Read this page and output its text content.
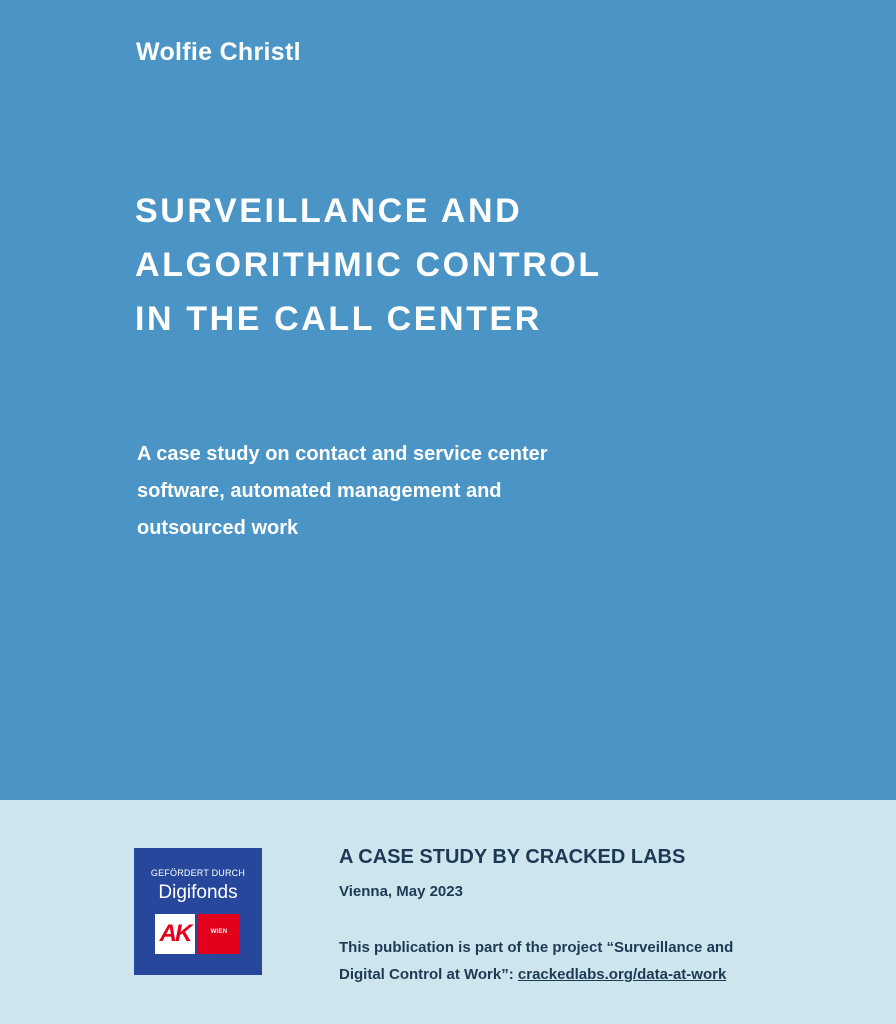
Wolfie Christl
SURVEILLANCE AND
ALGORITHMIC CONTROL
IN THE CALL CENTER
A case study on contact and service center
software, automated management and
outsourced work
GEFÖRDERT DURCH
Digifonds
AK	WIEN
A CASE STUDY BY CRACKED LABS
Vienna, May 2023
This publication is part of the project “Surveillance and
Digital Control at Work”: crackedlabs.org/data-at-work
